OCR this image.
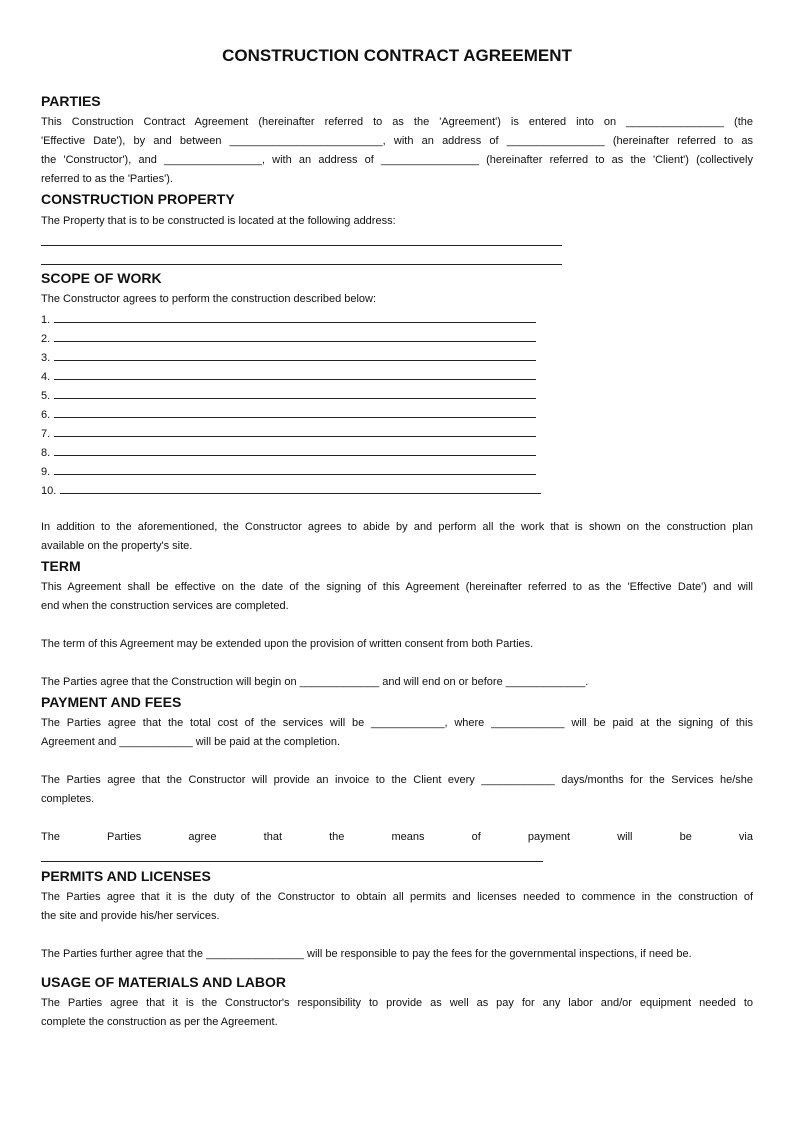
CONSTRUCTION CONTRACT AGREEMENT
PARTIES
This Construction Contract Agreement (hereinafter referred to as the 'Agreement') is entered into on ________________ (the
'Effective Date'), by and between _________________________, with an address of ________________ (hereinafter referred to as
the 'Constructor'), and ________________, with an address of ________________ (hereinafter referred to as the 'Client') (collectively
referred to as the 'Parties').
CONSTRUCTION PROPERTY
The Property that is to be constructed is located at the following address:
SCOPE OF WORK
The Constructor agrees to perform the construction described below:
1.
2.
3.
4.
5.
6.
7.
8.
9.
10.
In addition to the aforementioned, the Constructor agrees to abide by and perform all the work that is shown on the construction plan
available on the property's site.
TERM
This Agreement shall be effective on the date of the signing of this Agreement (hereinafter referred to as the 'Effective Date') and will
end when the construction services are completed.
The term of this Agreement may be extended upon the provision of written consent from both Parties.
The Parties agree that the Construction will begin on _____________ and will end on or before _____________.
PAYMENT AND FEES
The Parties agree that the total cost of the services will be ____________, where ____________ will be paid at the signing of this
Agreement and ____________ will be paid at the completion.
The Parties agree that the Constructor will provide an invoice to the Client every ____________ days/months for the Services he/she
completes.
The Parties agree that the means of payment will be via
PERMITS AND LICENSES
The Parties agree that it is the duty of the Constructor to obtain all permits and licenses needed to commence in the construction of
the site and provide his/her services.
The Parties further agree that the ________________ will be responsible to pay the fees for the governmental inspections, if need be.
USAGE OF MATERIALS AND LABOR
The Parties agree that it is the Constructor's responsibility to provide as well as pay for any labor and/or equipment needed to
complete the construction as per the Agreement.
